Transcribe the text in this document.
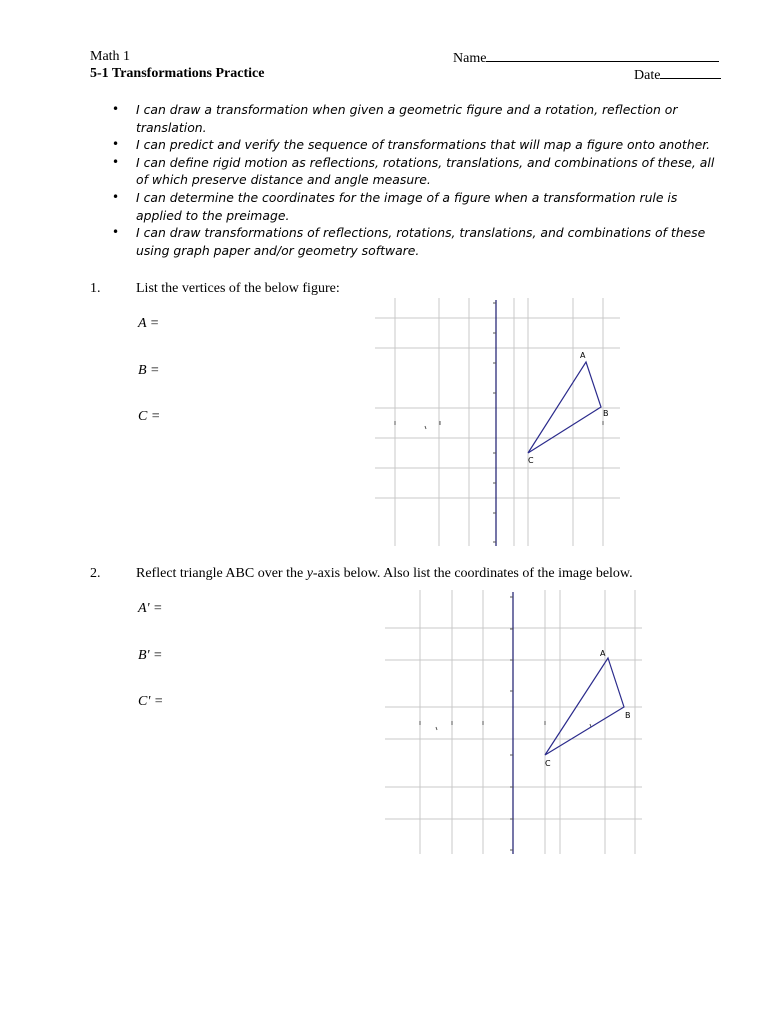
Math 1
5-1 Transformations Practice
Name
Date
• I can draw a transformation when given a geometric figure and a rotation, reflection or translation.
• I can predict and verify the sequence of transformations that will map a figure onto another.
• I can define rigid motion as reflections, rotations, translations, and combinations of these, all of which preserve distance and angle measure.
• I can determine the coordinates for the image of a figure when a transformation rule is applied to the preimage.
• I can draw transformations of reflections, rotations, translations, and combinations of these using graph paper and/or geometry software.
1.	List the vertices of the below figure:
A =
B =
C =
A
B
C
2.	Reflect triangle ABC over the y-axis below. Also list the coordinates of the image below.
A' =
B' =
C' =
A
B
C
